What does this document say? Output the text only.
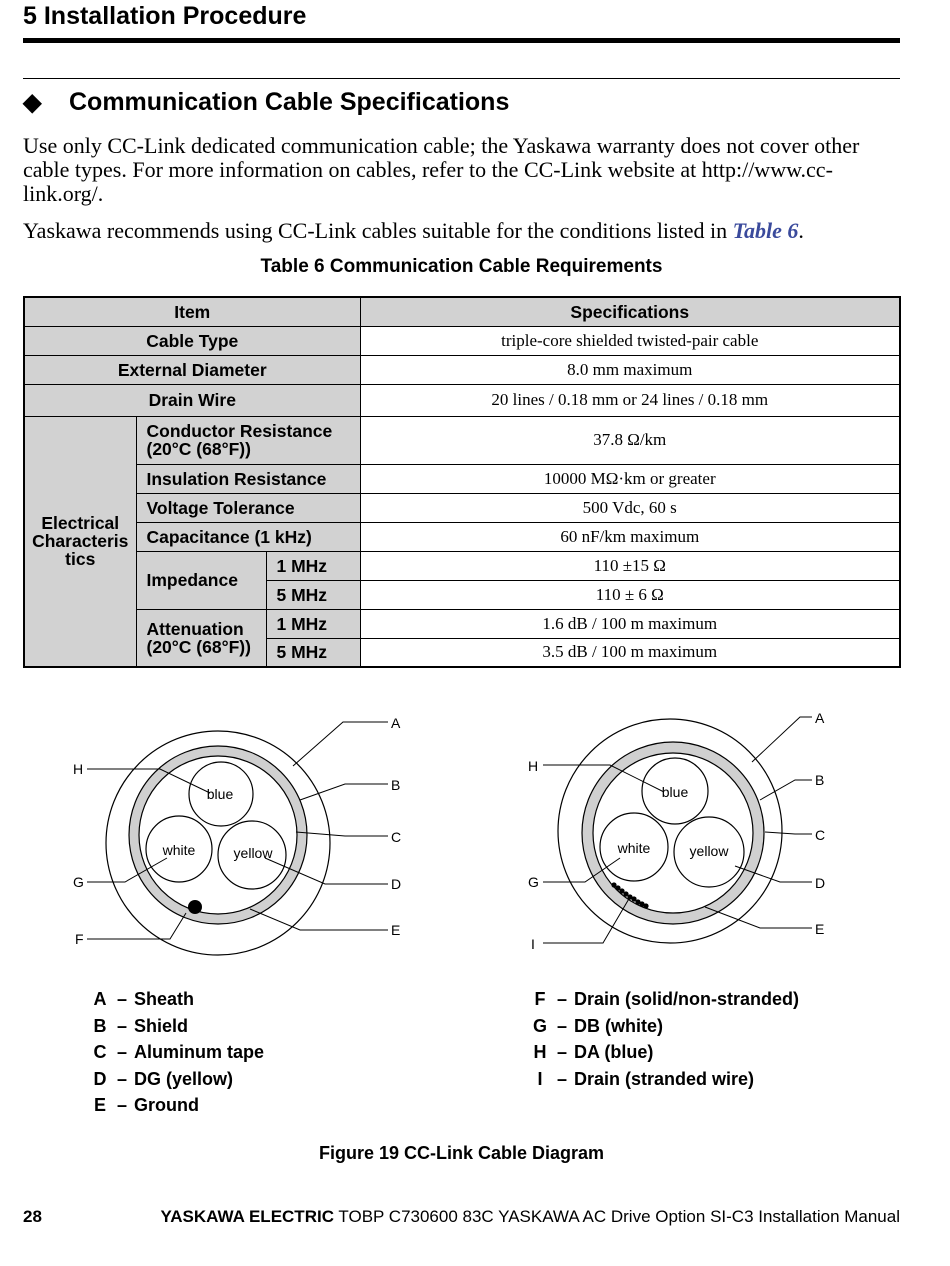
5 Installation Procedure
◆ Communication Cable Specifications
Use only CC-Link dedicated communication cable; the Yaskawa warranty does not cover other cable types. For more information on cables, refer to the CC-Link website at http://www.cc-link.org/.
Yaskawa recommends using CC-Link cables suitable for the conditions listed in Table 6.
Table 6 Communication Cable Requirements
Item			Specifications
Cable Type			triple-core shielded twisted-pair cable
External Diameter			8.0 mm maximum
Drain Wire			20 lines / 0.18 mm or 24 lines / 0.18 mm
Electrical Characteris tics	Conductor Resistance (20°C (68°F))		37.8 Ω/km
	Insulation Resistance		10000 MΩ·km or greater
	Voltage Tolerance		500 Vdc, 60 s
	Capacitance (1 kHz)		60 nF/km maximum
	Impedance	1 MHz	110 ±15 Ω
		5 MHz	110 ± 6 Ω
	Attenuation (20°C (68°F))	1 MHz	1.6 dB / 100 m maximum
		5 MHz	3.5 dB / 100 m maximum
blue
white	yellow
A
B
C
D
E
F
G
H
blue
white	yellow
A
B
C
D
E
G
H
I
A – Sheath
B – Shield
C – Aluminum tape
D – DG (yellow)
E – Ground
F – Drain (solid/non-stranded)
G – DB (white)
H – DA (blue)
I – Drain (stranded wire)
Figure 19 CC-Link Cable Diagram
28	YASKAWA ELECTRIC TOBP C730600 83C YASKAWA AC Drive Option SI-C3 Installation Manual
